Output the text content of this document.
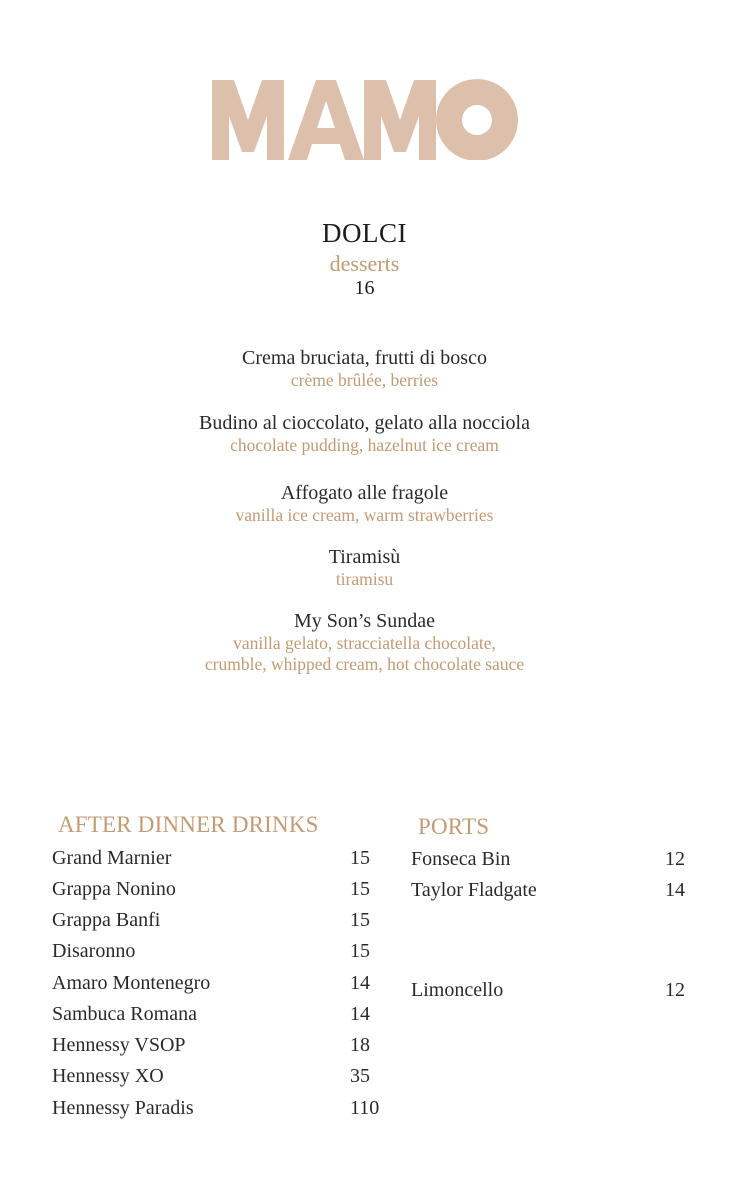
DOLCI
desserts
16
Crema bruciata, frutti di bosco
crème brûlée, berries
Budino al cioccolato, gelato alla nocciola
chocolate pudding, hazelnut ice cream
Affogato alle fragole
vanilla ice cream, warm strawberries
Tiramisù
tiramisu
My Son’s Sundae
vanilla gelato, stracciatella chocolate,
crumble, whipped cream, hot chocolate sauce
AFTER DINNER DRINKS
Grand Marnier	15
Grappa Nonino	15
Grappa Banfi	15
Disaronno	15
Amaro Montenegro	14
Sambuca Romana	14
Hennessy VSOP	18
Hennessy XO	35
Hennessy Paradis	110
PORTS
Fonseca Bin	12
Taylor Fladgate	14
Limoncello	12
